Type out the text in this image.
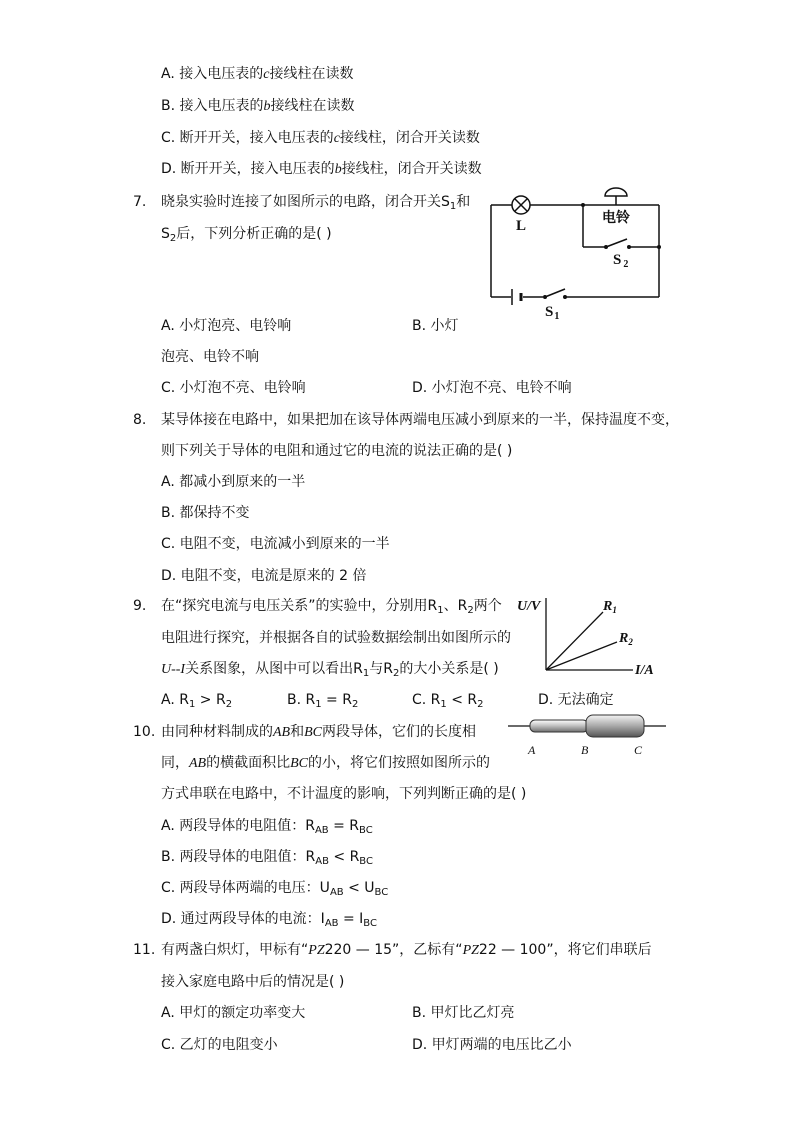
A. 接入电压表的c接线柱在读数
B. 接入电压表的b接线柱在读数
C. 断开开关，接入电压表的c接线柱，闭合开关读数
D. 断开开关，接入电压表的b接线柱，闭合开关读数
7. 晓泉实验时连接了如图所示的电路，闭合开关$S_1$和
$S_2$后，下列分析正确的是( )	L	电铃
S $_2$
$S_1$
A. 小灯泡亮、电铃响	B. 小灯
泡亮、电铃不响
C. 小灯泡不亮、电铃响	D. 小灯泡不亮、电铃不响
8. 某导体接在电路中，如果把加在该导体两端电压减小到原来的一半，保持温度不变，
则下列关于导体的电阻和通过它的电流的说法正确的是( )
A. 都减小到原来的一半
B. 都保持不变
C. 电阻不变，电流减小到原来的一半
D. 电阻不变，电流是原来的 2 倍
9. 在“探究电流与电压关系”的实验中，分别用$R_1$、$R_2$两个
电阻进行探究，并根据各自的试验数据绘制出如图所示的
U--I关系图象，从图中可以看出$R_1$与$R_2$的大小关系是( )
U/V
I/A
$R_1$
$R_2$
A. $R_1 > R_2$	B. $R_1 = R_2$	C. $R_1 < R_2$	D. 无法确定
10. 由同种材料制成的AB和BC两段导体，它们的长度相
同，AB的横截面积比BC的小，将它们按照如图所示的
方式串联在电路中，不计温度的影响，下列判断正确的是( )
A	B	C
A. 两段导体的电阻值：$R_{AB} = R_{BC}$
B. 两段导体的电阻值：$R_{AB} < R_{BC}$
C. 两段导体两端的电压：$U_{AB} < U_{BC}$
D. 通过两段导体的电流：$I_{AB} = I_{BC}$
11. 有两盏白炽灯，甲标有“PZ220 — 15”，乙标有“PZ22 — 100”，将它们串联后
接入家庭电路中后的情况是( )
A. 甲灯的额定功率变大	B. 甲灯比乙灯亮
C. 乙灯的电阻变小	D. 甲灯两端的电压比乙小
